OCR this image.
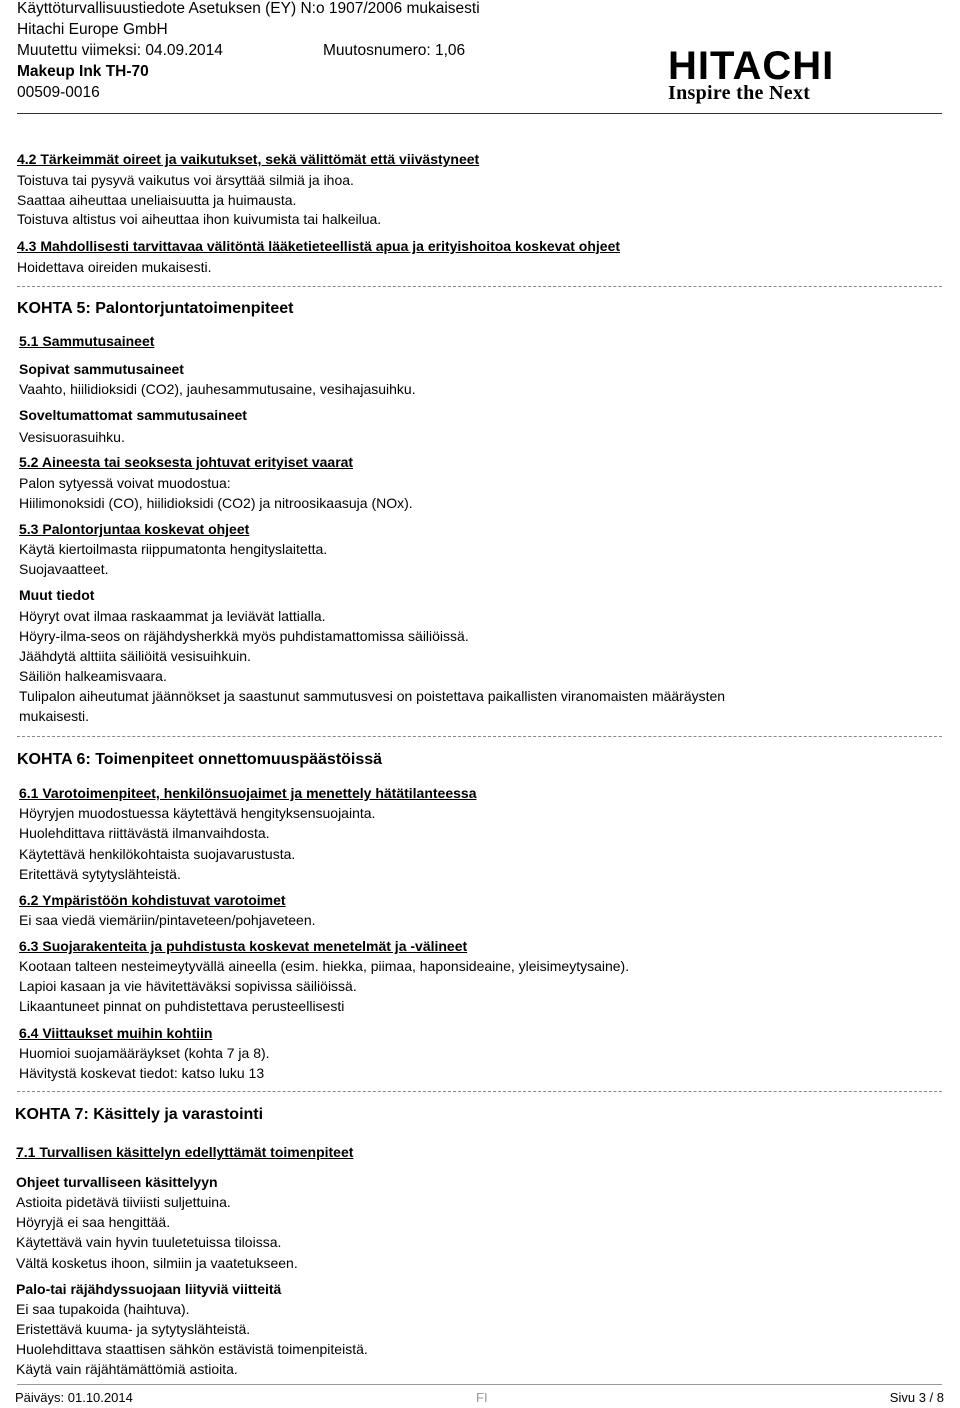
Käyttöturvallisuustiedote Asetuksen (EY) N:o 1907/2006 mukaisesti
Hitachi Europe GmbH
Muutettu viimeksi: 04.09.2014	Muutosnumero: 1,06
Makeup Ink TH-70
00509-0016
HITACHI
Inspire the Next
4.2 Tärkeimmät oireet ja vaikutukset, sekä välittömät että viivästyneet
Toistuva tai pysyvä vaikutus voi ärsyttää silmiä ja ihoa.
Saattaa aiheuttaa uneliaisuutta ja huimausta.
Toistuva altistus voi aiheuttaa ihon kuivumista tai halkeilua.
4.3 Mahdollisesti tarvittavaa välitöntä lääketieteellistä apua ja erityishoitoa koskevat ohjeet
Hoidettava oireiden mukaisesti.
KOHTA 5: Palontorjuntatoimenpiteet
5.1 Sammutusaineet
Sopivat sammutusaineet
Vaahto, hiilidioksidi (CO2), jauhesammutusaine, vesihajasuihku.
Soveltumattomat sammutusaineet
Vesisuorasuihku.
5.2 Aineesta tai seoksesta johtuvat erityiset vaarat
Palon sytyessä voivat muodostua:
Hiilimonoksidi (CO), hiilidioksidi (CO2) ja nitroosikaasuja (NOx).
5.3 Palontorjuntaa koskevat ohjeet
Käytä kiertoilmasta riippumatonta hengityslaitetta.
Suojavaatteet.
Muut tiedot
Höyryt ovat ilmaa raskaammat ja leviävät lattialla.
Höyry-ilma-seos on räjähdysherkkä myös puhdistamattomissa säiliöissä.
Jäähdytä alttiita säiliöitä vesisuihkuin.
Säiliön halkeamisvaara.
Tulipalon aiheutumat jäännökset ja saastunut sammutusvesi on poistettava paikallisten viranomaisten määräysten
mukaisesti.
KOHTA 6: Toimenpiteet onnettomuuspäästöissä
6.1 Varotoimenpiteet, henkilönsuojaimet ja menettely hätätilanteessa
Höyryjen muodostuessa käytettävä hengityksensuojainta.
Huolehdittava riittävästä ilmanvaihdosta.
Käytettävä henkilökohtaista suojavarustusta.
Eritettävä sytytyslähteistä.
6.2 Ympäristöön kohdistuvat varotoimet
Ei saa viedä viemäriin/pintaveteen/pohjaveteen.
6.3 Suojarakenteita ja puhdistusta koskevat menetelmät ja -välineet
Kootaan talteen nesteimeytyvällä aineella (esim. hiekka, piimaa, haponsideaine, yleisimeytysaine).
Lapioi kasaan ja vie hävitettäväksi sopivissa säiliöissä.
Likaantuneet pinnat on puhdistettava perusteellisesti
6.4 Viittaukset muihin kohtiin
Huomioi suojamääräykset (kohta 7 ja 8).
Hävitystä koskevat tiedot: katso luku 13
KOHTA 7: Käsittely ja varastointi
7.1 Turvallisen käsittelyn edellyttämät toimenpiteet
Ohjeet turvalliseen käsittelyyn
Astioita pidetävä tiiviisti suljettuina.
Höyryjä ei saa hengittää.
Käytettävä vain hyvin tuuletetuissa tiloissa.
Vältä kosketus ihoon, silmiin ja vaatetukseen.
Palo-tai räjähdyssuojaan liityviä viitteitä
Ei saa tupakoida (haihtuva).
Eristettävä kuuma- ja sytytyslähteistä.
Huolehdittava staattisen sähkön estävistä toimenpiteistä.
Käytä vain räjähtämättömiä astioita.
Päiväys: 01.10.2014	FI	Sivu 3 / 8
